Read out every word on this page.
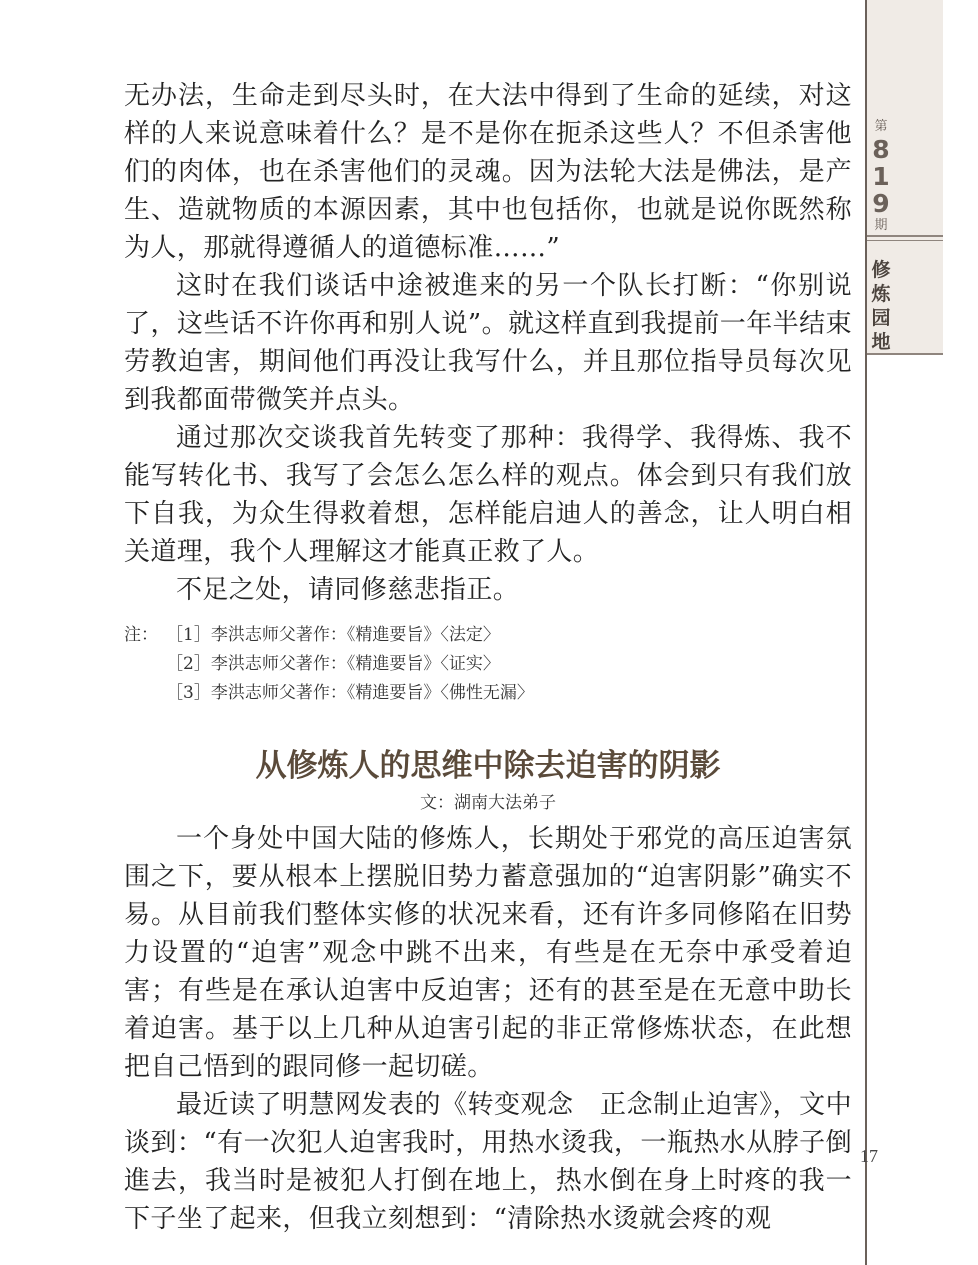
第
8
1
9
期
修
炼
园
地
17

无办法，生命走到尽头时，在大法中得到了生命的延续，对这样的人来说意味着什么？是不是你在扼杀这些人？不但杀害他们的肉体，也在杀害他们的灵魂。因为法轮大法是佛法，是产生、造就物质的本源因素，其中也包括你，也就是说你既然称为人，那就得遵循人的道德标准……”

这时在我们谈话中途被進来的另一个队长打断：“你别说了，这些话不许你再和别人说”。就这样直到我提前一年半结束劳教迫害，期间他们再没让我写什么，并且那位指导员每次见到我都面带微笑并点头。

通过那次交谈我首先转变了那种：我得学、我得炼、我不能写转化书、我写了会怎么怎么样的观点。体会到只有我们放下自我，为众生得救着想，怎样能启迪人的善念，让人明白相关道理，我个人理解这才能真正救了人。

不足之处，请同修慈悲指正。

注： ［1］李洪志师父著作：《精進要旨》〈法定〉
［2］李洪志师父著作：《精進要旨》〈证实〉
［3］李洪志师父著作：《精進要旨》〈佛性无漏〉
从修炼人的思维中除去迫害的阴影
文：湖南大法弟子

一个身处中国大陆的修炼人，长期处于邪党的高压迫害氛围之下，要从根本上摆脱旧势力蓄意强加的“迫害阴影”确实不易。从目前我们整体实修的状况来看，还有许多同修陷在旧势力设置的“迫害”观念中跳不出来，有些是在无奈中承受着迫害；有些是在承认迫害中反迫害；还有的甚至是在无意中助长着迫害。基于以上几种从迫害引起的非正常修炼状态，在此想把自己悟到的跟同修一起切磋。

最近读了明慧网发表的《转变观念　正念制止迫害》，文中谈到：“有一次犯人迫害我时，用热水烫我，一瓶热水从脖子倒進去，我当时是被犯人打倒在地上，热水倒在身上时疼的我一下子坐了起来，但我立刻想到：“清除热水烫就会疼的观
